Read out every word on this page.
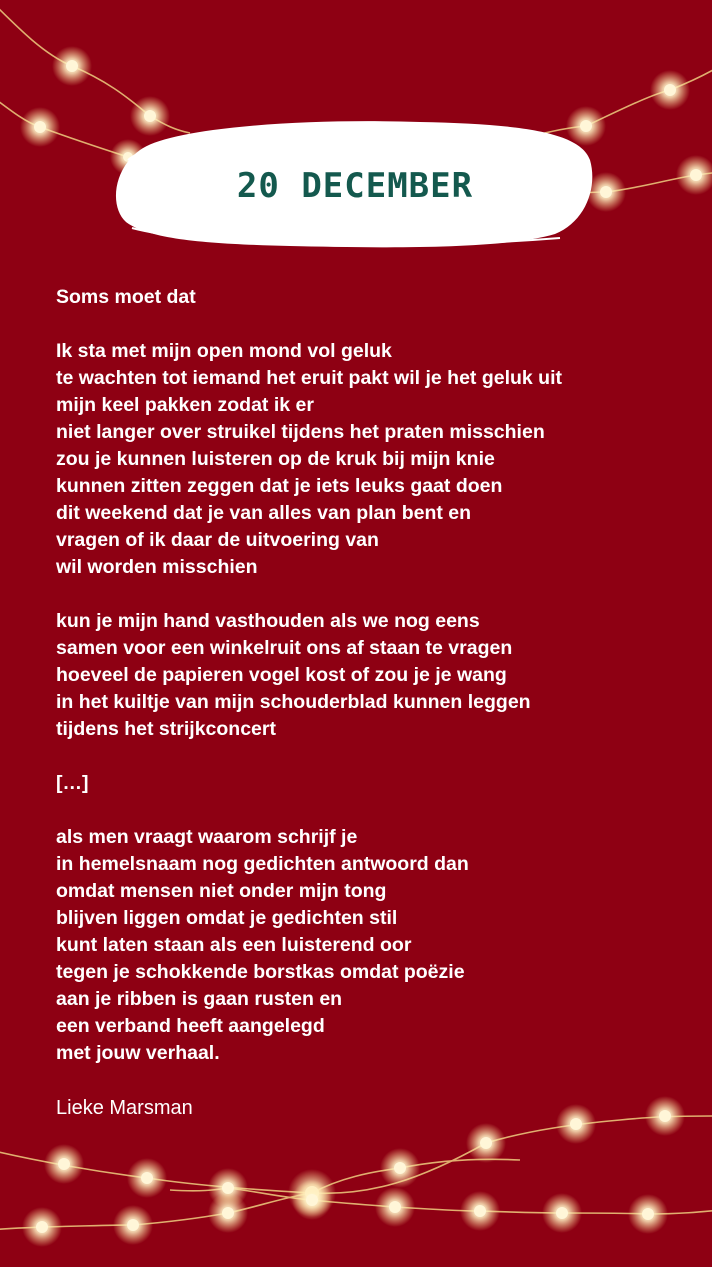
20 DECEMBER
Soms moet dat
Ik sta met mijn open mond vol geluk
te wachten tot iemand het eruit pakt wil je het geluk uit
mijn keel pakken zodat ik er
niet langer over struikel tijdens het praten misschien
zou je kunnen luisteren op de kruk bij mijn knie
kunnen zitten zeggen dat je iets leuks gaat doen
dit weekend dat je van alles van plan bent en
vragen of ik daar de uitvoering van
wil worden misschien
kun je mijn hand vasthouden als we nog eens
samen voor een winkelruit ons af staan te vragen
hoeveel de papieren vogel kost of zou je je wang
in het kuiltje van mijn schouderblad kunnen leggen
tijdens het strijkconcert
[…]
als men vraagt waarom schrijf je
in hemelsnaam nog gedichten antwoord dan
omdat mensen niet onder mijn tong
blijven liggen omdat je gedichten stil
kunt laten staan als een luisterend oor
tegen je schokkende borstkas omdat poëzie
aan je ribben is gaan rusten en
een verband heeft aangelegd
met jouw verhaal.
Lieke Marsman
